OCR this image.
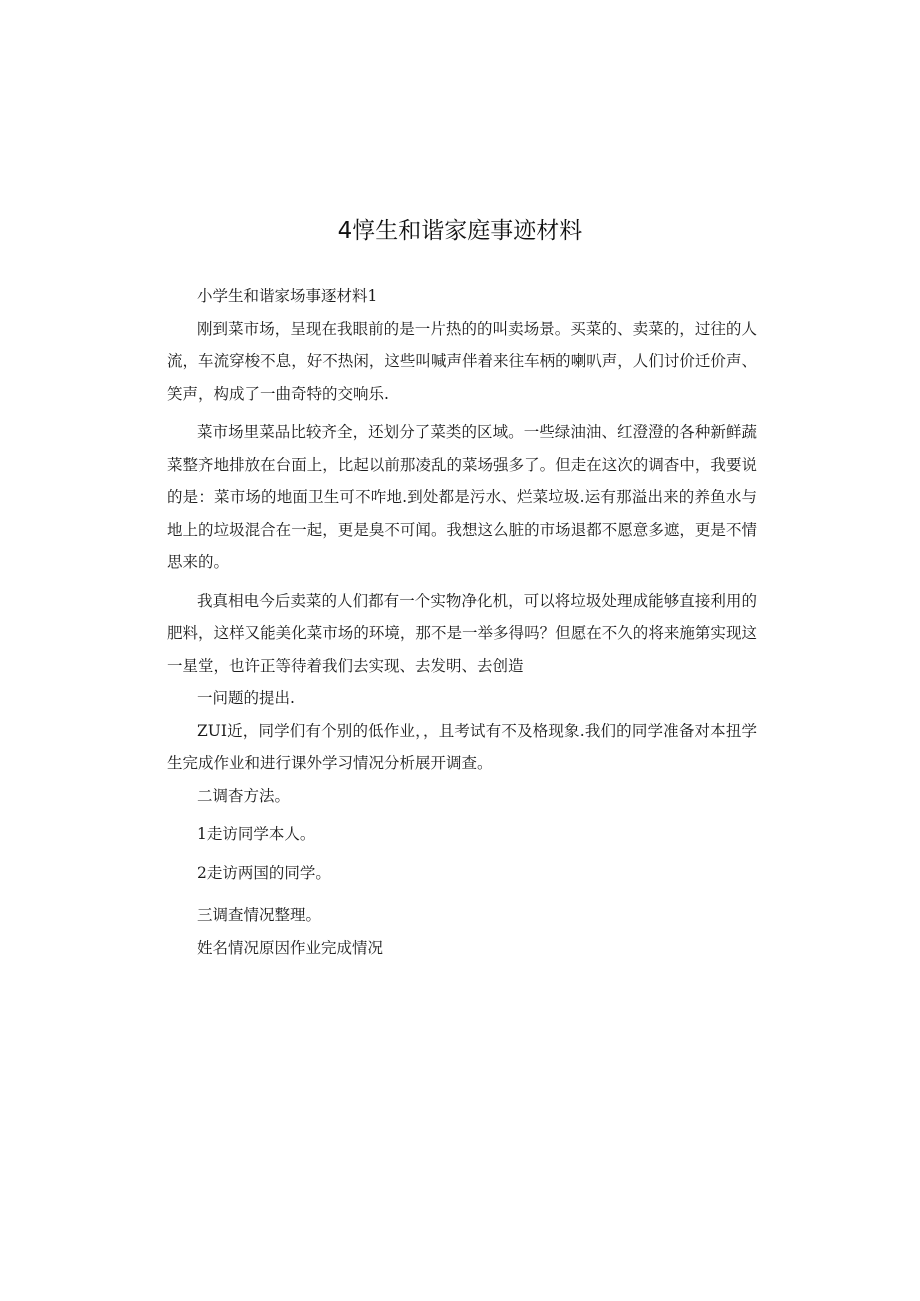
4惇生和谐家庭事迹材料

小学生和谐家场事逐材料1

刚到菜市场，呈现在我眼前的是一片热的的叫卖场景。买菜的、卖菜的，过往的人流，车流穿梭不息，好不热闲，这些叫喊声伴着来往车柄的喇叭声，人们讨价迁价声、笑声，构成了一曲奇特的交响乐.

菜市场里菜品比较齐全，还划分了菜类的区域。一些绿油油、红澄澄的各种新鲜蔬菜整齐地排放在台面上，比起以前那凌乱的菜场强多了。但走在这次的调杳中，我要说的是：菜市场的地面卫生可不咋地.到处都是污水、烂菜垃圾.运有那溢出来的养鱼水与地上的垃圾混合在一起，更是臭不可闻。我想这么脏的市场退都不愿意多遮，更是不情思来的。

我真相电今后卖菜的人们都有一个实物净化机，可以将垃圾处理成能够直接利用的肥料，这样又能美化菜市场的环境，那不是一举多得吗？但愿在不久的将来施第实现这一星堂，也许正等待着我们去实现、去发明、去创造

一问题的提出.

ZUI近，同学们有个别的低作业，，且考试有不及格现象.我们的同学准备对本扭学生完成作业和进行课外学习情况分析展开调查。

二调杳方法。

1走访同学本人。

2走访两国的同学。

三调查情况整理。

姓名情况原因作业完成情况
